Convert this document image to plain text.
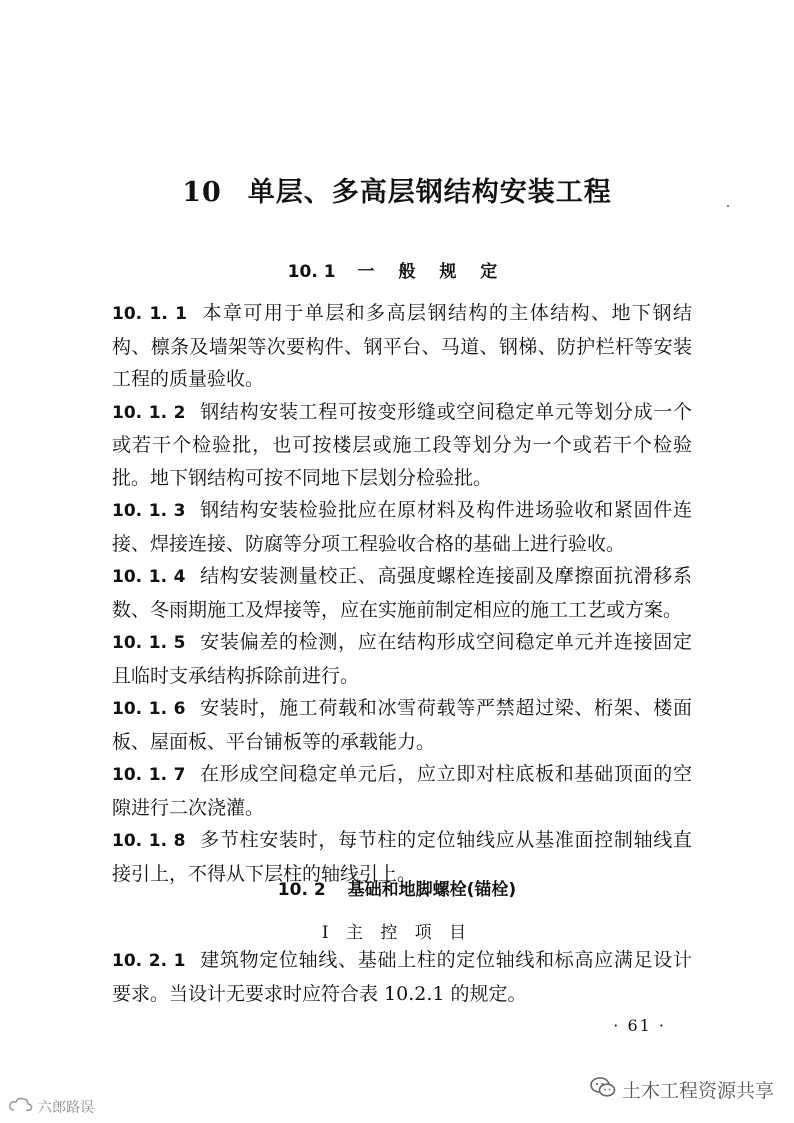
10 单层、多高层钢结构安装工程
10. 1 一 般 规 定

10. 1. 1 本章可用于单层和多高层钢结构的主体结构、地下钢结构、檩条及墙架等次要构件、钢平台、马道、钢梯、防护栏杆等安装工程的质量验收。

10. 1. 2 钢结构安装工程可按变形缝或空间稳定单元等划分成一个或若干个检验批，也可按楼层或施工段等划分为一个或若干个检验批。地下钢结构可按不同地下层划分检验批。

10. 1. 3 钢结构安装检验批应在原材料及构件进场验收和紧固件连接、焊接连接、防腐等分项工程验收合格的基础上进行验收。

10. 1. 4 结构安装测量校正、高强度螺栓连接副及摩擦面抗滑移系数、冬雨期施工及焊接等，应在实施前制定相应的施工工艺或方案。

10. 1. 5 安装偏差的检测，应在结构形成空间稳定单元并连接固定且临时支承结构拆除前进行。

10. 1. 6 安装时，施工荷载和冰雪荷载等严禁超过梁、桁架、楼面板、屋面板、平台铺板等的承载能力。

10. 1. 7 在形成空间稳定单元后，应立即对柱底板和基础顶面的空隙进行二次浇灌。

10. 1. 8 多节柱安装时，每节柱的定位轴线应从基准面控制轴线直接引上，不得从下层柱的轴线引上。

10. 2 基础和地脚螺栓(锚栓)
Ⅰ 主 控 项 目

10. 2. 1 建筑物定位轴线、基础上柱的定位轴线和标高应满足设计要求。当设计无要求时应符合表 10.2.1 的规定。

· 61 ·
土木工程资源共享
六郎路误
